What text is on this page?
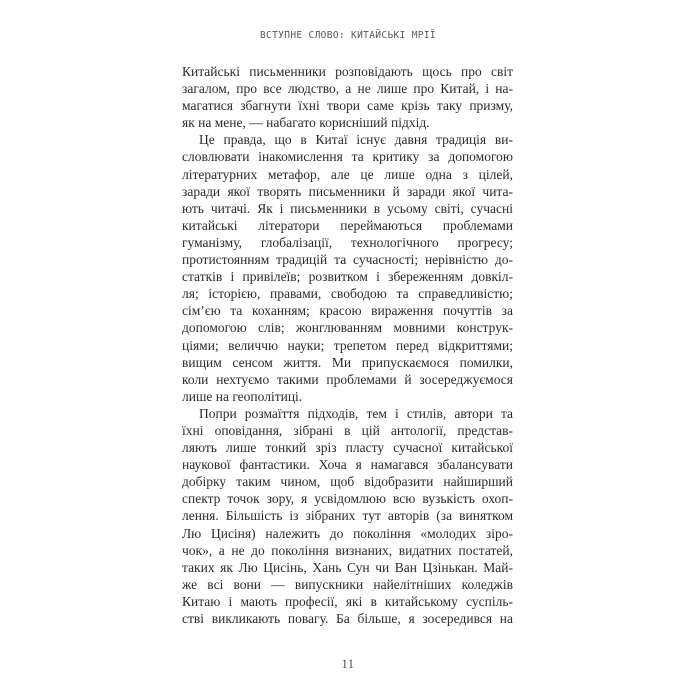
ВСТУПНЕ СЛОВО: КИТАЙСЬКІ МРІЇ
Китайські письменники розповідають щось про світ
загалом, про все людство, а не лише про Китай, і на-
магатися збагнути їхні твори саме крізь таку призму,
як на мене, — набагато корисніший підхід.
Це правда, що в Китаї існує давня традиція ви-
словлювати інакомислення та критику за допомогою
літературних метафор, але це лише одна з цілей,
заради якої творять письменники й заради якої чита-
ють читачі. Як і письменники в усьому світі, сучасні
китайські літератори переймаються проблемами
гуманізму, глобалізації, технологічного прогресу;
протистоянням традицій та сучасності; нерівністю до-
статків і привілеїв; розвитком і збереженням довкіл-
ля; історією, правами, свободою та справедливістю;
сім’єю та коханням; красою вираження почуттів за
допомогою слів; жонглюванням мовними конструк-
ціями; величчю науки; трепетом перед відкриттями;
вищим сенсом життя. Ми припускаємося помилки,
коли нехтуємо такими проблемами й зосереджуємося
лише на геополітиці.
Попри розмаїття підходів, тем і стилів, автори та
їхні оповідання, зібрані в цій антології, представ-
ляють лише тонкий зріз пласту сучасної китайської
наукової фантастики. Хоча я намагався збалансувати
добірку таким чином, щоб відобразити найширший
спектр точок зору, я усвідомлюю всю вузькість охоп-
лення. Більшість із зібраних тут авторів (за винятком
Лю Цисіня) належить до покоління «молодих зіро-
чок», а не до покоління визнаних, видатних постатей,
таких як Лю Цисінь, Хань Сун чи Ван Цзінькан. Май-
же всі вони — випускники найелітніших коледжів
Китаю і мають професії, які в китайському суспіль-
стві викликають повагу. Ба більше, я зосередився на
11
